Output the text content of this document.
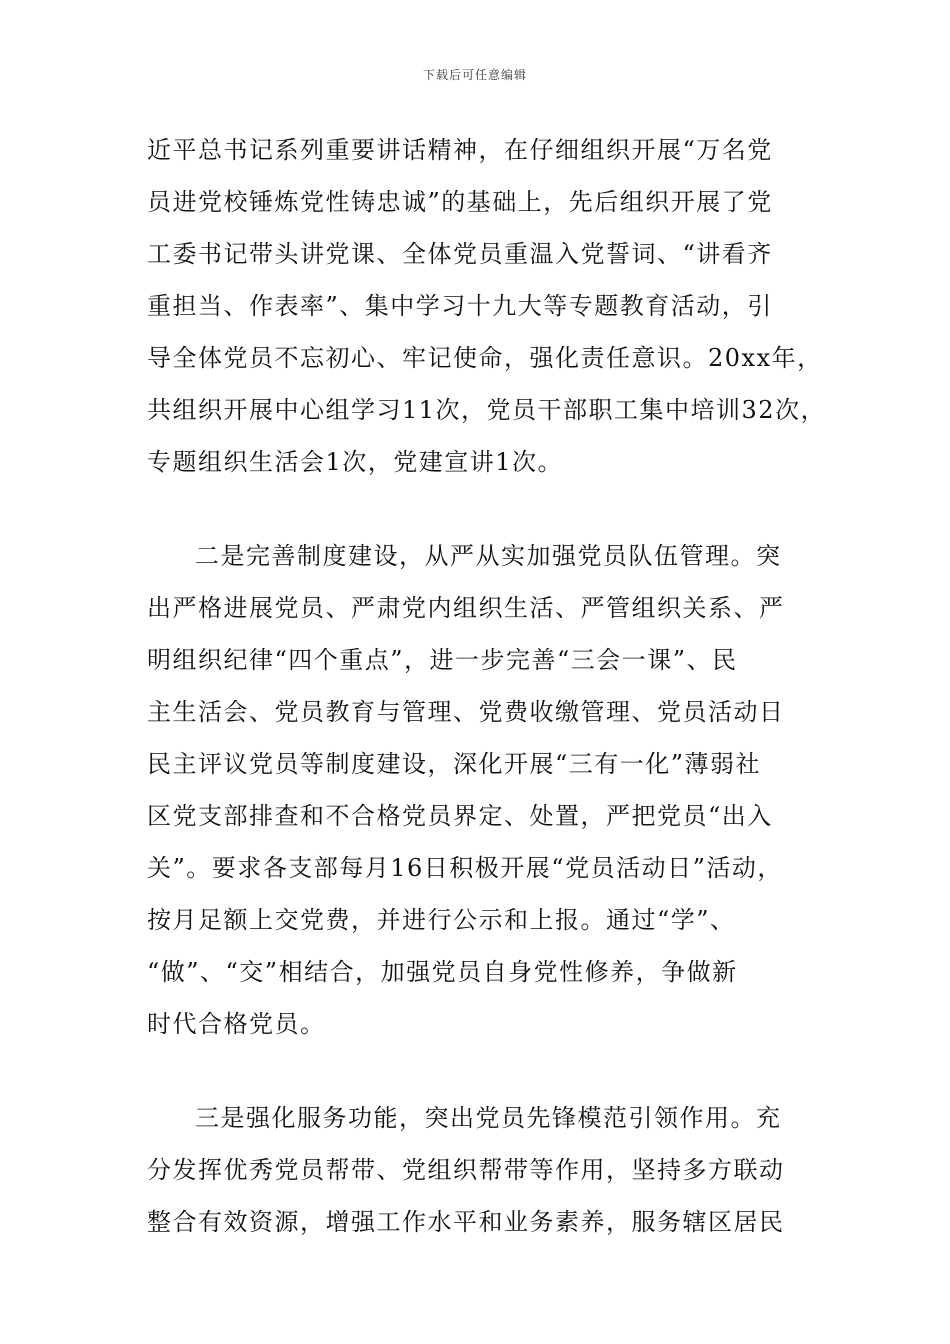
下载后可任意编辑
近平总书记系列重要讲话精神，在仔细组织开展“万名党
员进党校锤炼党性铸忠诚”的基础上，先后组织开展了党
工委书记带头讲党课、全体党员重温入党誓词、“讲看齐
重担当、作表率”、集中学习十九大等专题教育活动，引
导全体党员不忘初心、牢记使命，强化责任意识。20xx年，
共组织开展中心组学习11次，党员干部职工集中培训32次，
专题组织生活会1次，党建宣讲1次。
二是完善制度建设，从严从实加强党员队伍管理。突
出严格进展党员、严肃党内组织生活、严管组织关系、严
明组织纪律“四个重点”，进一步完善“三会一课”、民
主生活会、党员教育与管理、党费收缴管理、党员活动日
民主评议党员等制度建设，深化开展“三有一化”薄弱社
区党支部排查和不合格党员界定、处置，严把党员“出入
关”。要求各支部每月16日积极开展“党员活动日”活动，
按月足额上交党费，并进行公示和上报。通过“学”、
“做”、“交”相结合，加强党员自身党性修养，争做新
时代合格党员。
三是强化服务功能，突出党员先锋模范引领作用。充
分发挥优秀党员帮带、党组织帮带等作用，坚持多方联动
整合有效资源，增强工作水平和业务素养，服务辖区居民
